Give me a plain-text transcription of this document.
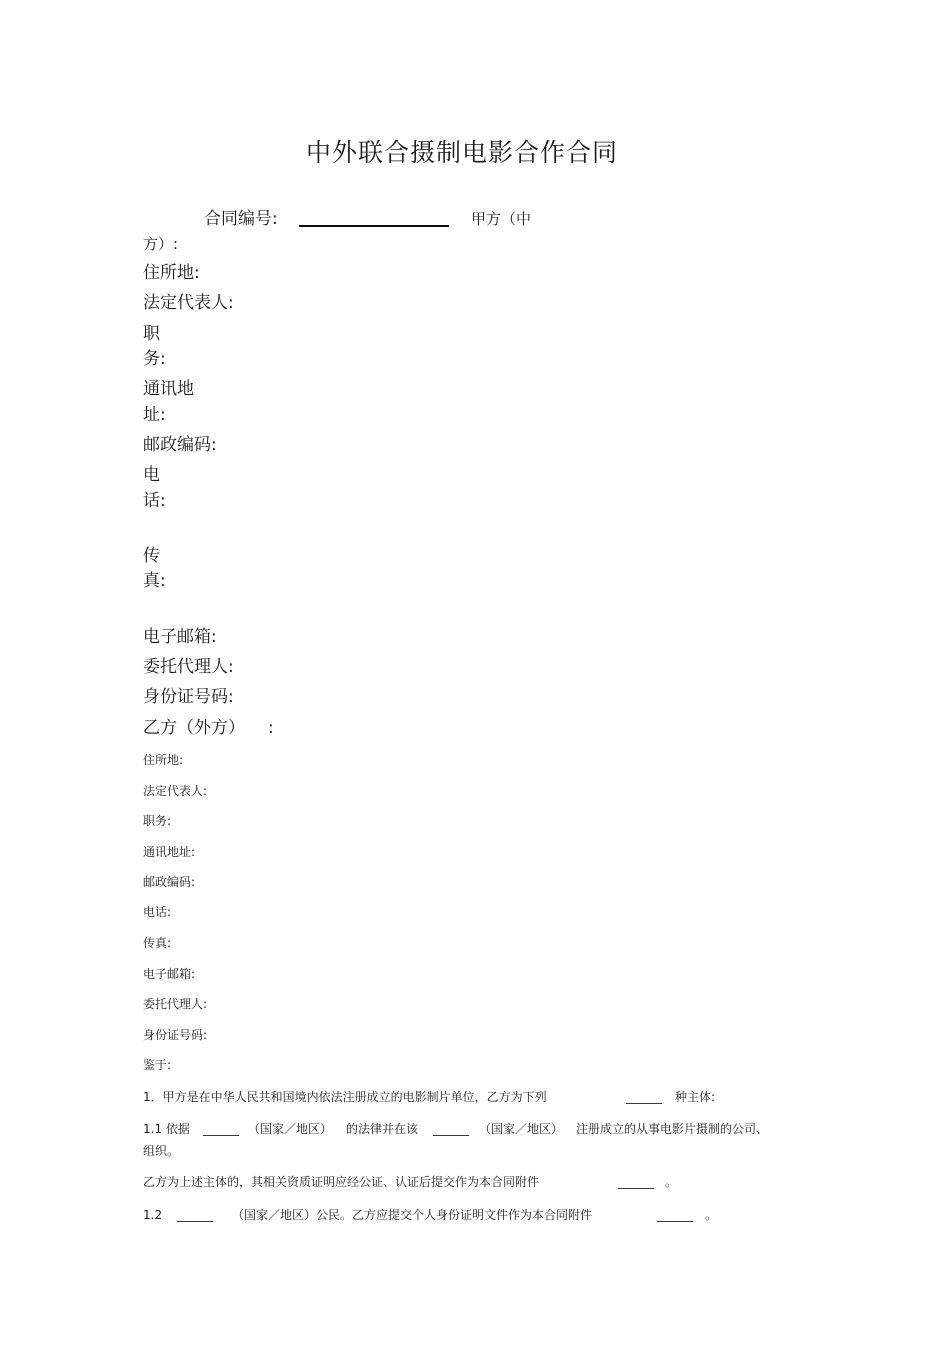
中外联合摄制电影合作合同
合同编号:	甲方（中
方）:
住所地:
法定代表人:
职
务:
通讯地
址:
邮政编码:
电
话:
传
真:
电子邮箱:
委托代理人:
身份证号码:
乙方（外方） :
住所地:
法定代表人:
职务:
通讯地址:
邮政编码:
电话:
传真:
电子邮箱:
委托代理人:
身份证号码:
鉴于:
1．甲方是在中华人民共和国境内依法注册成立的电影制片单位，乙方为下列	______ 种主体:
1.1 依据 ______ （国家／地区） 的法律并在该 ______ （国家／地区） 注册成立的从事电影片摄制的公司、
组织。
乙方为上述主体的，其相关资质证明应经公证、认证后提交作为本合同附件	______ 。
1.2 ______ （国家／地区）公民。乙方应提交个人身份证明文件作为本合同附件	______ 。
